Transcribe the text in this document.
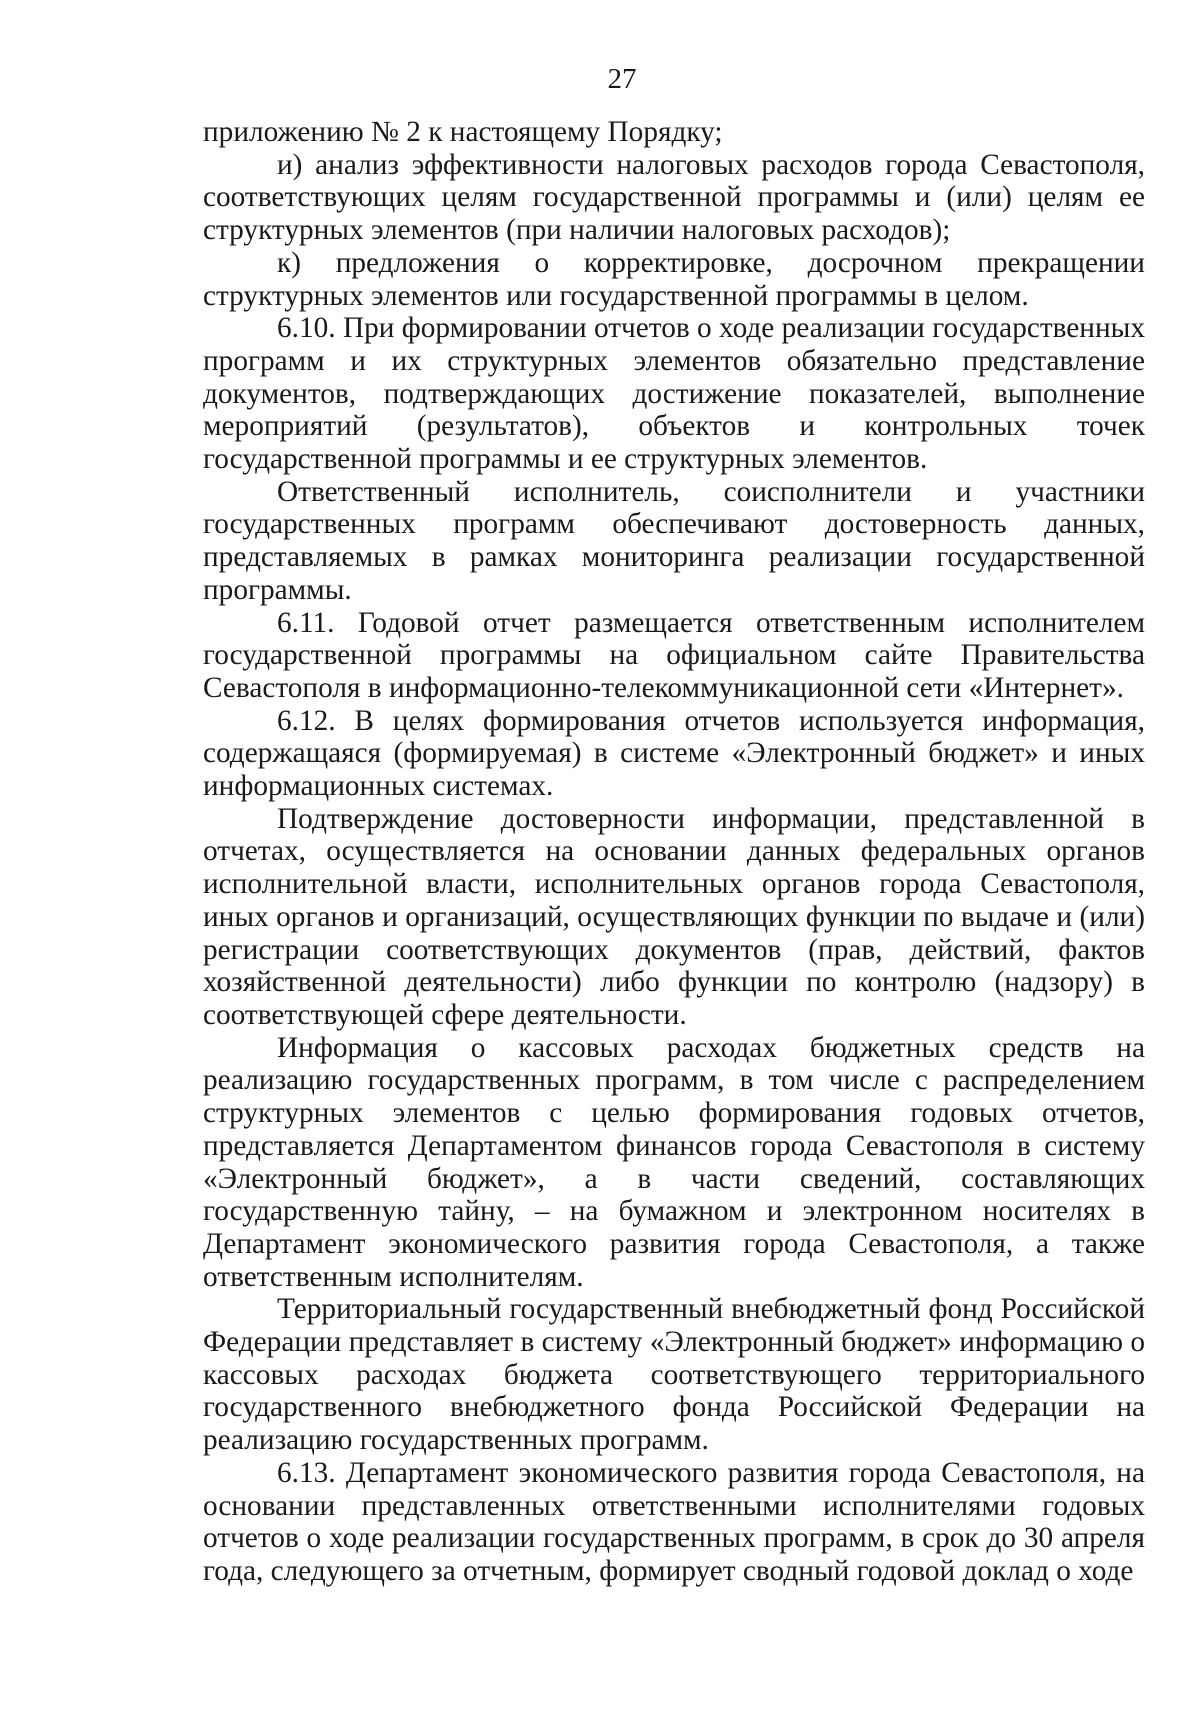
27

приложению № 2 к настоящему Порядку;

и) анализ эффективности налоговых расходов города Севастополя, соответствующих целям государственной программы и (или) целям ее структурных элементов (при наличии налоговых расходов);

к) предложения о корректировке, досрочном прекращении структурных элементов или государственной программы в целом.

6.10. При формировании отчетов о ходе реализации государственных программ и их структурных элементов обязательно представление документов, подтверждающих достижение показателей, выполнение мероприятий (результатов), объектов и контрольных точек государственной программы и ее структурных элементов.

Ответственный исполнитель, соисполнители и участники государственных программ обеспечивают достоверность данных, представляемых в рамках мониторинга реализации государственной программы.

6.11. Годовой отчет размещается ответственным исполнителем государственной программы на официальном сайте Правительства Севастополя в информационно-телекоммуникационной сети «Интернет».

6.12. В целях формирования отчетов используется информация, содержащаяся (формируемая) в системе «Электронный бюджет» и иных информационных системах.

Подтверждение достоверности информации, представленной в отчетах, осуществляется на основании данных федеральных органов исполнительной власти, исполнительных органов города Севастополя, иных органов и организаций, осуществляющих функции по выдаче и (или) регистрации соответствующих документов (прав, действий, фактов хозяйственной деятельности) либо функции по контролю (надзору) в соответствующей сфере деятельности.

Информация о кассовых расходах бюджетных средств на реализацию государственных программ, в том числе с распределением структурных элементов с целью формирования годовых отчетов, представляется Департаментом финансов города Севастополя в систему «Электронный бюджет», а в части сведений, составляющих государственную тайну, – на бумажном и электронном носителях в Департамент экономического развития города Севастополя, а также ответственным исполнителям.

Территориальный государственный внебюджетный фонд Российской Федерации представляет в систему «Электронный бюджет» информацию о кассовых расходах бюджета соответствующего территориального государственного внебюджетного фонда Российской Федерации на реализацию государственных программ.

6.13. Департамент экономического развития города Севастополя, на основании представленных ответственными исполнителями годовых отчетов о ходе реализации государственных программ, в срок до 30 апреля года, следующего за отчетным, формирует сводный годовой доклад о ходе
